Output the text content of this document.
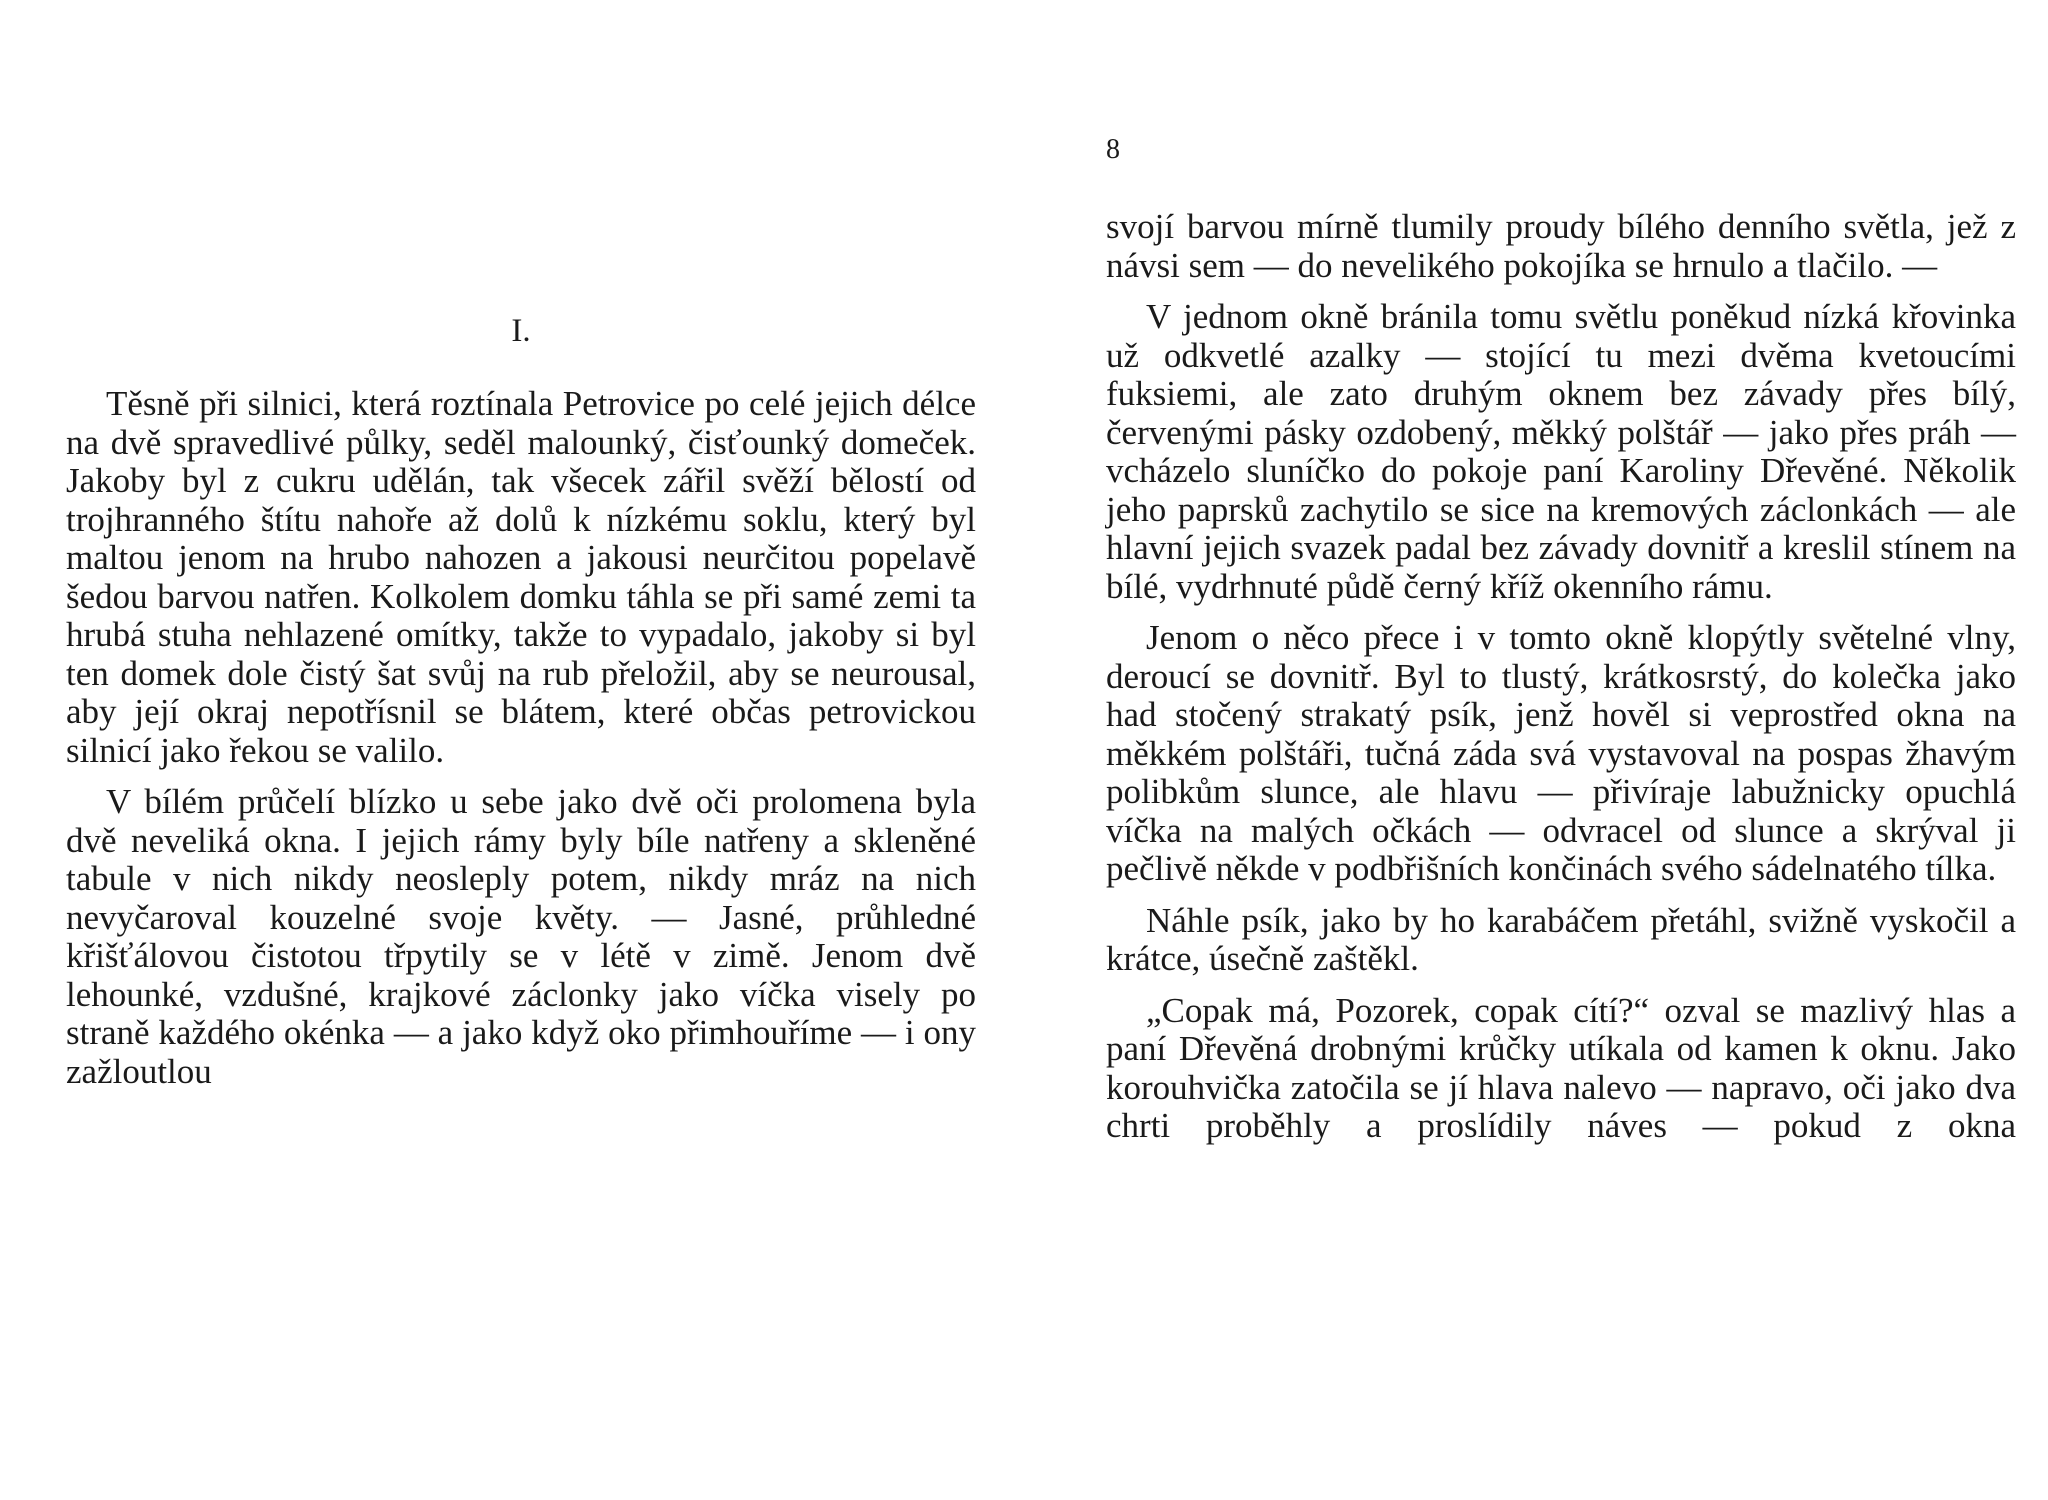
I.

Těsně při silnici, která roztínala Petrovice po celé jejich délce na dvě spravedlivé půlky, seděl malounký, čisťounký domeček. Jakoby byl z cukru udělán, tak všecek zářil svěží bělostí od trojhranného štítu nahoře až dolů k nízkému soklu, který byl maltou jenom na hrubo nahozen a jakousi neurčitou popelavě šedou barvou natřen. Kolkolem domku táhla se při samé zemi ta hrubá stuha nehlazené omítky, takže to vypadalo, jakoby si byl ten domek dole čistý šat svůj na rub přeložil, aby se neurousal, aby její okraj nepotřísnil se blátem, které občas petrovickou silnicí jako řekou se valilo.

V bílém průčelí blízko u sebe jako dvě oči prolomena byla dvě neveliká okna. I jejich rámy byly bíle natřeny a skleněné tabule v nich nikdy neosleply potem, nikdy mráz na nich nevyčaroval kouzelné svoje květy. — Jasné, průhledné křišťálovou čistotou třpytily se v létě v zimě. Jenom dvě lehounké, vzdušné, krajkové záclonky jako víčka visely po straně každého okénka — a jako když oko přimhouříme — i ony zažloutlou

8

svojí barvou mírně tlumily proudy bílého denního světla, jež z návsi sem — do nevelikého pokojíka se hrnulo a tlačilo. —

V jednom okně bránila tomu světlu poněkud nízká křovinka už odkvetlé azalky — stojící tu mezi dvěma kvetoucími fuksiemi, ale zato druhým oknem bez závady přes bílý, červenými pásky ozdobený, měkký polštář — jako přes práh — vcházelo sluníčko do pokoje paní Karoliny Dřevěné. Několik jeho paprsků zachytilo se sice na kremových záclonkách — ale hlavní jejich svazek padal bez závady dovnitř a kreslil stínem na bílé, vydrhnuté půdě černý kříž okenního rámu.

Jenom o něco přece i v tomto okně klopýtly světelné vlny, deroucí se dovnitř. Byl to tlustý, krátkosrstý, do kolečka jako had stočený strakatý psík, jenž hověl si veprostřed okna na měkkém polštáři, tučná záda svá vystavoval na pospas žhavým polibkům slunce, ale hlavu — přivíraje labužnicky opuchlá víčka na malých očkách — odvracel od slunce a skrýval ji pečlivě někde v podbřišních končinách svého sádelnatého tílka.

Náhle psík, jako by ho karabáčem přetáhl, svižně vyskočil a krátce, úsečně zaštěkl.

„Copak má, Pozorek, copak cítí?“ ozval se mazlivý hlas a paní Dřevěná drobnými krůčky utíkala od kamen k oknu. Jako korouhvička zatočila se jí hlava nalevo — napravo, oči jako dva chrti proběhly a proslídily náves — pokud z okna
